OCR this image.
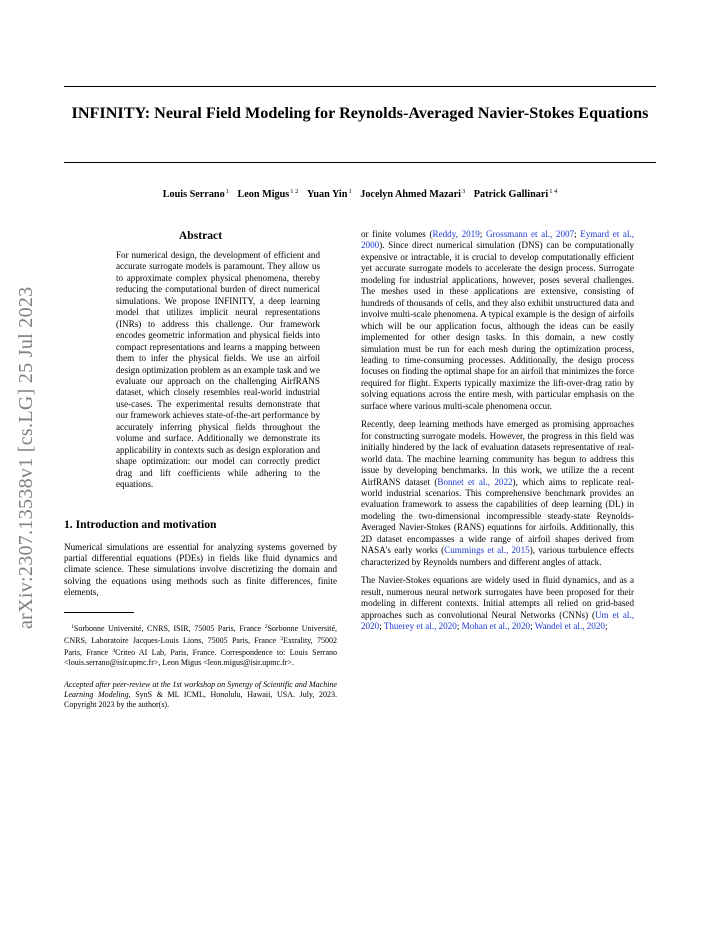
arXiv:2307.13538v1 [cs.LG] 25 Jul 2023
INFINITY: Neural Field Modeling for Reynolds-Averaged Navier-Stokes Equations
Louis Serrano$^1$ Leon Migus$^{1 2}$ Yuan Yin$^1$ Jocelyn Ahmed Mazari$^3$ Patrick Gallinari$^{1 4}$
Abstract
For numerical design, the development of efficient and accurate surrogate models is paramount. They allow us to approximate complex physical phenomena, thereby reducing the computational burden of direct numerical simulations. We propose INFINITY, a deep learning model that utilizes implicit neural representations (INRs) to address this challenge. Our framework encodes geometric information and physical fields into compact representations and learns a mapping between them to infer the physical fields. We use an airfoil design optimization problem as an example task and we evaluate our approach on the challenging AirfRANS dataset, which closely resembles real-world industrial use-cases. The experimental results demonstrate that our framework achieves state-of-the-art performance by accurately inferring physical fields throughout the volume and surface. Additionally we demonstrate its applicability in contexts such as design exploration and shape optimization: our model can correctly predict drag and lift coefficients while adhering to the equations.
1. Introduction and motivation

Numerical simulations are essential for analyzing systems governed by partial differential equations (PDEs) in fields like fluid dynamics and climate science. These simulations involve discretizing the domain and solving the equations using methods such as finite differences, finite elements,

$^1$Sorbonne Université, CNRS, ISIR, 75005 Paris, France $^2$Sorbonne Université, CNRS, Laboratoire Jacques-Louis Lions, 75005 Paris, France $^3$Extrality, 75002 Paris, France $^4$Criteo AI Lab, Paris, France. Correspondence to: Louis Serrano <louis.serrano@isir.upmc.fr>, Leon Migus <leon.migus@isir.upmc.fr>.
Accepted after peer-review at the 1st workshop on Synergy of Scientific and Machine Learning Modeling, SynS & ML ICML, Honolulu, Hawaii, USA. July, 2023. Copyright 2023 by the author(s).

or finite volumes (Reddy, 2019; Grossmann et al., 2007; Eymard et al., 2000). Since direct numerical simulation (DNS) can be computationally expensive or intractable, it is crucial to develop computationally efficient yet accurate surrogate models to accelerate the design process. Surrogate modeling for industrial applications, however, poses several challenges. The meshes used in these applications are extensive, consisting of hundreds of thousands of cells, and they also exhibit unstructured data and involve multi-scale phenomena. A typical example is the design of airfoils which will be our application focus, although the ideas can be easily implemented for other design tasks. In this domain, a new costly simulation must be run for each mesh during the optimization process, leading to time-consuming processes. Additionally, the design process focuses on finding the optimal shape for an airfoil that minimizes the force required for flight. Experts typically maximize the lift-over-drag ratio by solving equations across the entire mesh, with particular emphasis on the surface where various multi-scale phenomena occur.

Recently, deep learning methods have emerged as promising approaches for constructing surrogate models. However, the progress in this field was initially hindered by the lack of evaluation datasets representative of real-world data. The machine learning community has begun to address this issue by developing benchmarks. In this work, we utilize the a recent AirfRANS dataset (Bonnet et al., 2022), which aims to replicate real-world industrial scenarios. This comprehensive benchmark provides an evaluation framework to assess the capabilities of deep learning (DL) in modeling the two-dimensional incompressible steady-state Reynolds-Averaged Navier-Stokes (RANS) equations for airfoils. Additionally, this 2D dataset encompasses a wide range of airfoil shapes derived from NASA's early works (Cummings et al., 2015), various turbulence effects characterized by Reynolds numbers and different angles of attack.

The Navier-Stokes equations are widely used in fluid dynamics, and as a result, numerous neural network surrogates have been proposed for their modeling in different contexts. Initial attempts all relied on grid-based approaches such as convolutional Neural Networks (CNNs) (Um et al., 2020; Thuerey et al., 2020; Mohan et al., 2020; Wandel et al., 2020;
